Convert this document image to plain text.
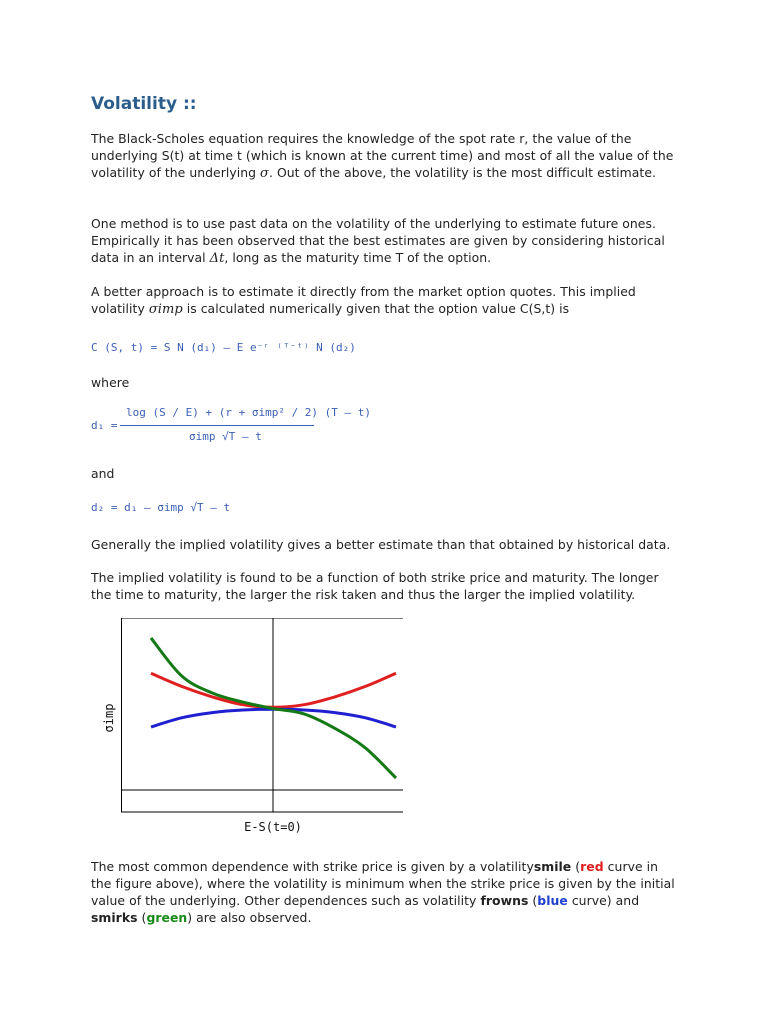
Volatility ::

The Black-Scholes equation requires the knowledge of the spot rate r, the value of the underlying S(t) at time t (which is known at the current time) and most of all the value of the volatility of the underlying σ. Out of the above, the volatility is the most difficult estimate.

One method is to use past data on the volatility of the underlying to estimate future ones. Empirically it has been observed that the best estimates are given by considering historical data in an interval Δt, long as the maturity time T of the option.

A better approach is to estimate it directly from the market option quotes. This implied volatility σimp is calculated numerically given that the option value C(S,t) is

C (S, t) = S N (d₁) – E e⁻ʳ ⁽ᵀ⁻ᵗ⁾ N (d₂)

where

d₁ =
log (S / E) + (r + σimp² / 2) (T – t)
σimp √T – t

and

d₂ = d₁ – σimp √T – t

Generally the implied volatility gives a better estimate than that obtained by historical data.

The implied volatility is found to be a function of both strike price and maturity. The longer the time to maturity, the larger the risk taken and thus the larger the implied volatility.

E-S(t=0)
σimp

The most common dependence with strike price is given by a volatilitysmile (red curve in the figure above), where the volatility is minimum when the strike price is given by the initial value of the underlying. Other dependences such as volatility frowns (blue curve) and smirks (green) are also observed.
